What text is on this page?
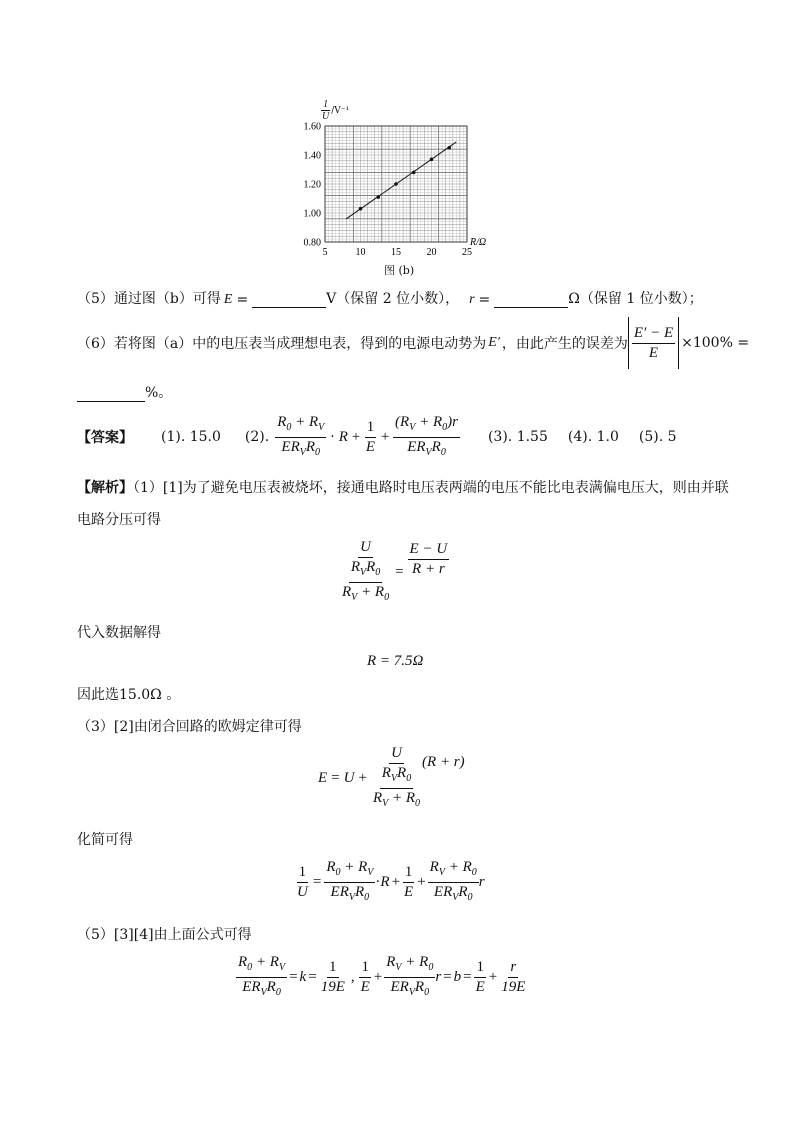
5	10	15	20	25
0.80
1.00
1.20
1.40
1.60
R/Ω
$\frac{1}{U} /V^{-1}$
图 (b)
（5）通过图（b）可得 E =	V（保留 2 位小数）， r =	Ω（保留 1 位小数）；
（6）若将图（a）中的电压表当成理想电表，得到的电源电动势为 E′ ，由此产生的误差为 $\frac{E' - E}{E} \times 100\%$ =
%。
【答案】 (1). 15.0 (2).
$R_0 + R_V$
$ER_VR_0$
· $R + \frac{1}{E}$ +
$(R_V + R_0)r$
$ER_VR_0$
(3). 1.55 (4). 1.0 (5). 5
【解析】（1）[1]为了避免电压表被烧坏，接通电路时电压表两端的电压不能比电表满偏电压大，则由并联
电路分压可得
U
$R_VR_0$
$R_V + R_0$
= $\frac{E - U}{R + r}$
代入数据解得
R = 7.5Ω
因此选15.0Ω 。
（3）[2]由闭合回路的欧姆定律可得
E = U +
U
$R_VR_0$
$R_V + R_0$
(R + r)
化简可得
$\frac{1}{U}$ =
$R_0 + R_V$
$ER_VR_0$
· $R + \frac{1}{E}$ +
$R_V + R_0$
$ER_VR_0$
r
（5）[3][4]由上面公式可得
$R_0 + R_V$
$ER_VR_0$
= $k = \frac{1}{19E}$ ,
1
E
+
$R_V + R_0$
$ER_VR_0$
$r = b = \frac{1}{E} + \frac{r}{19E}$
